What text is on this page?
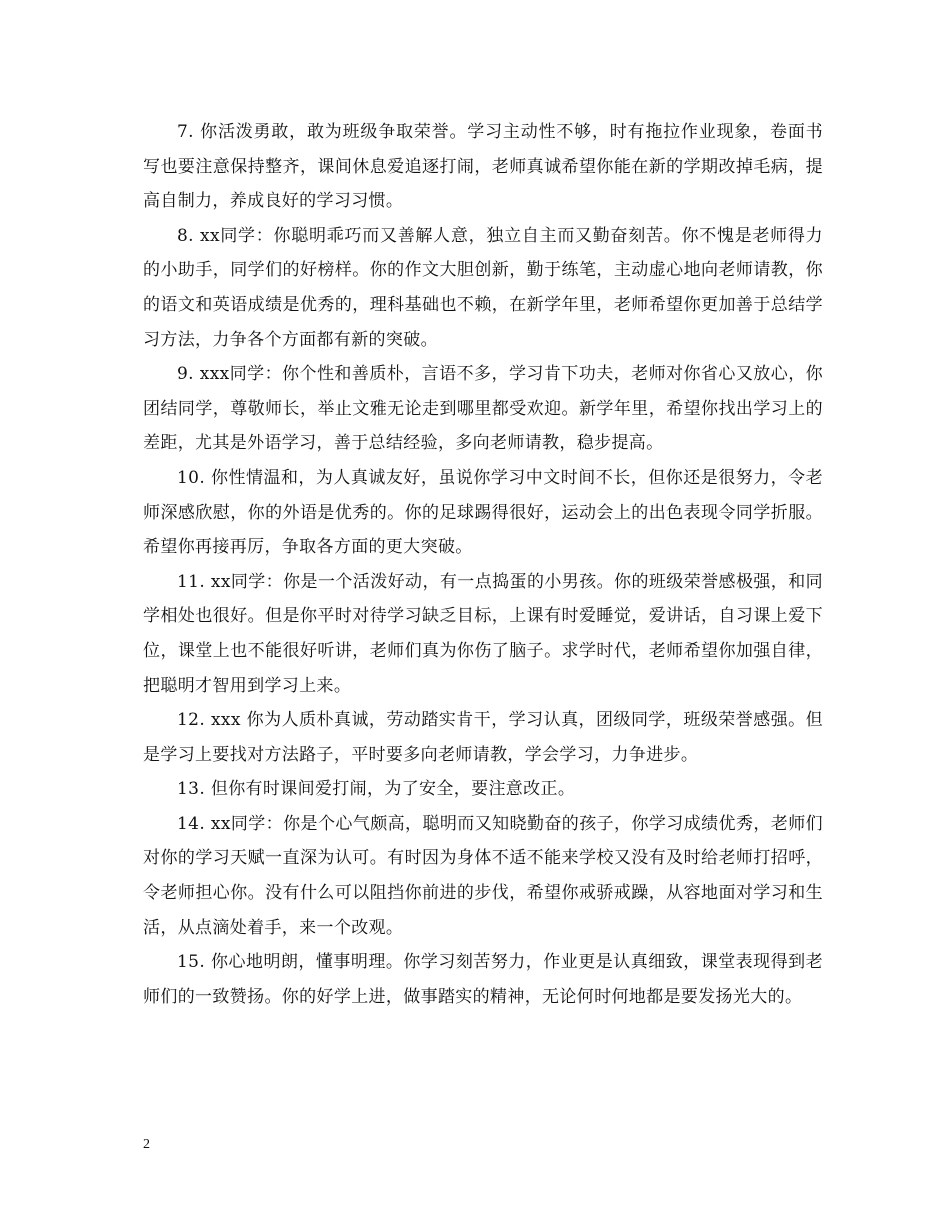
7. 你活泼勇敢，敢为班级争取荣誉。学习主动性不够，时有拖拉作业现象，卷面书写也要注意保持整齐，课间休息爱追逐打闹，老师真诚希望你能在新的学期改掉毛病，提高自制力，养成良好的学习习惯。

8. xx同学：你聪明乖巧而又善解人意，独立自主而又勤奋刻苦。你不愧是老师得力的小助手，同学们的好榜样。你的作文大胆创新，勤于练笔，主动虚心地向老师请教，你的语文和英语成绩是优秀的，理科基础也不赖，在新学年里，老师希望你更加善于总结学习方法，力争各个方面都有新的突破。

9. xxx同学：你个性和善质朴，言语不多，学习肯下功夫，老师对你省心又放心，你团结同学，尊敬师长，举止文雅无论走到哪里都受欢迎。新学年里，希望你找出学习上的差距，尤其是外语学习，善于总结经验，多向老师请教，稳步提高。

10. 你性情温和，为人真诚友好，虽说你学习中文时间不长，但你还是很努力，令老师深感欣慰，你的外语是优秀的。你的足球踢得很好，运动会上的出色表现令同学折服。希望你再接再厉，争取各方面的更大突破。

11. xx同学：你是一个活泼好动，有一点捣蛋的小男孩。你的班级荣誉感极强，和同学相处也很好。但是你平时对待学习缺乏目标，上课有时爱睡觉，爱讲话，自习课上爱下位，课堂上也不能很好听讲，老师们真为你伤了脑子。求学时代，老师希望你加强自律，把聪明才智用到学习上来。

12. xxx 你为人质朴真诚，劳动踏实肯干，学习认真，团级同学，班级荣誉感强。但是学习上要找对方法路子，平时要多向老师请教，学会学习，力争进步。

13. 但你有时课间爱打闹，为了安全，要注意改正。

14. xx同学：你是个心气颇高，聪明而又知晓勤奋的孩子，你学习成绩优秀，老师们对你的学习天赋一直深为认可。有时因为身体不适不能来学校又没有及时给老师打招呼，令老师担心你。没有什么可以阻挡你前进的步伐，希望你戒骄戒躁，从容地面对学习和生活，从点滴处着手，来一个改观。

15. 你心地明朗，懂事明理。你学习刻苦努力，作业更是认真细致，课堂表现得到老师们的一致赞扬。你的好学上进，做事踏实的精神，无论何时何地都是要发扬光大的。

2
